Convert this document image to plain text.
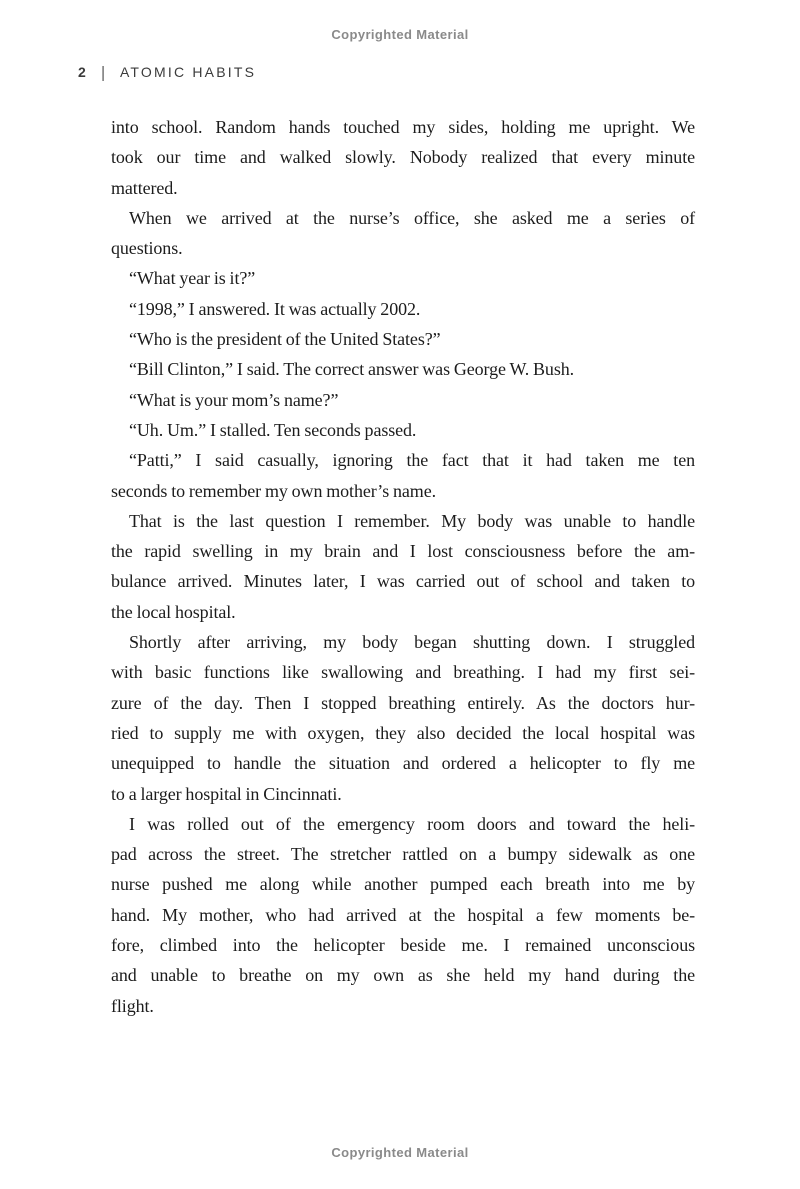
Copyrighted Material
2 | ATOMIC HABITS
into school. Random hands touched my sides, holding me upright. We
took our time and walked slowly. Nobody realized that every minute
mattered.
When we arrived at the nurse’s office, she asked me a series of
questions.
“What year is it?”
“1998,” I answered. It was actually 2002.
“Who is the president of the United States?”
“Bill Clinton,” I said. The correct answer was George W. Bush.
“What is your mom’s name?”
“Uh. Um.” I stalled. Ten seconds passed.
“Patti,” I said casually, ignoring the fact that it had taken me ten
seconds to remember my own mother’s name.
That is the last question I remember. My body was unable to handle
the rapid swelling in my brain and I lost consciousness before the am-
bulance arrived. Minutes later, I was carried out of school and taken to
the local hospital.
Shortly after arriving, my body began shutting down. I struggled
with basic functions like swallowing and breathing. I had my first sei-
zure of the day. Then I stopped breathing entirely. As the doctors hur-
ried to supply me with oxygen, they also decided the local hospital was
unequipped to handle the situation and ordered a helicopter to fly me
to a larger hospital in Cincinnati.
I was rolled out of the emergency room doors and toward the heli-
pad across the street. The stretcher rattled on a bumpy sidewalk as one
nurse pushed me along while another pumped each breath into me by
hand. My mother, who had arrived at the hospital a few moments be-
fore, climbed into the helicopter beside me. I remained unconscious
and unable to breathe on my own as she held my hand during the
flight.
Copyrighted Material
